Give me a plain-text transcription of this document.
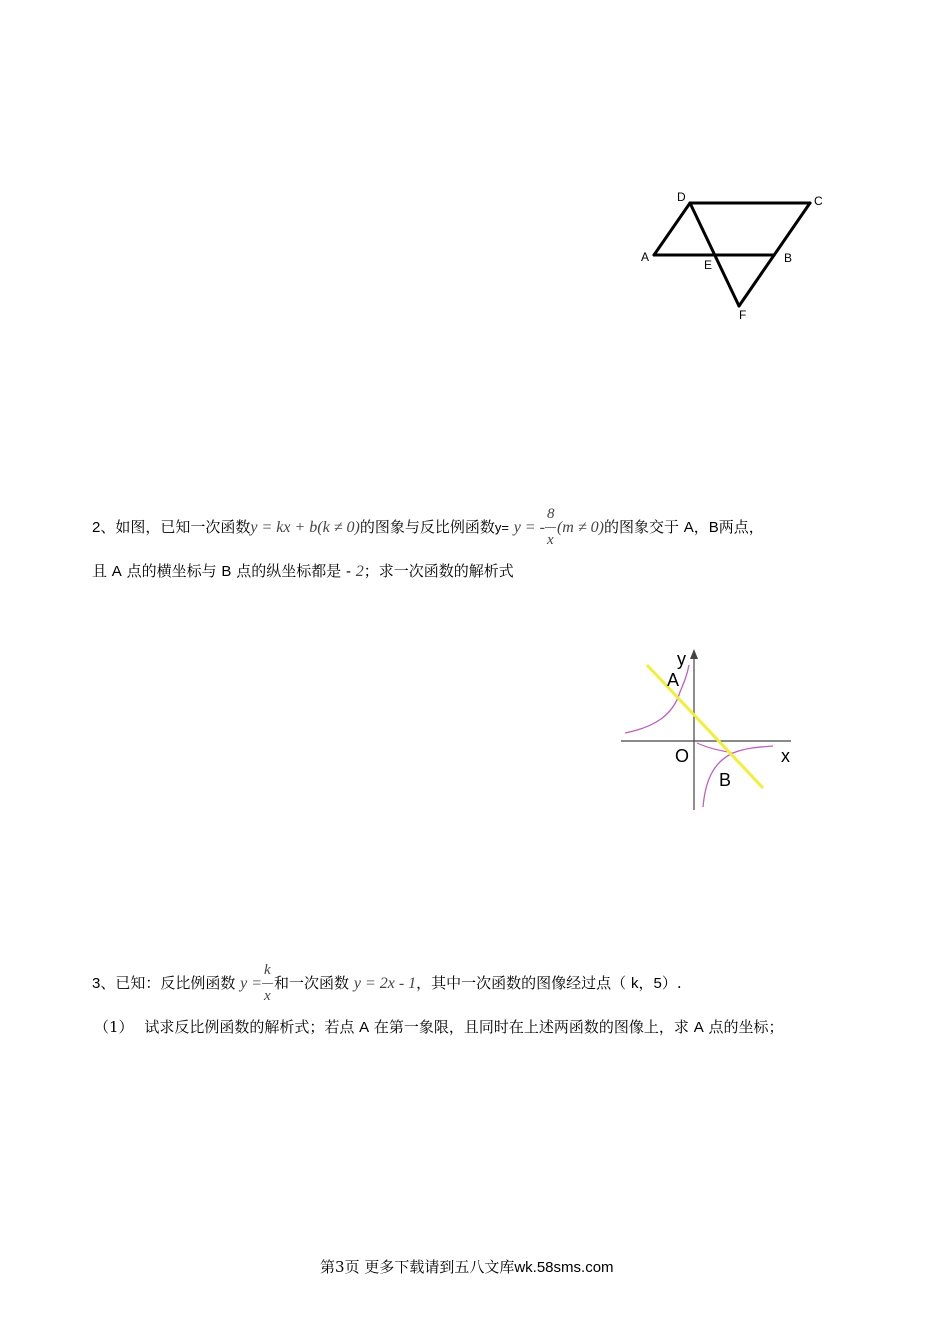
D	C
A
E	B
F
2、如图，已知一次函数y = kx + b(k ≠ 0)的图象与反比例函数y= y = - $\frac{8}{x} (m \ne 0)$的图象交于 A，B两点，
且 A 点的横坐标与 B 点的纵坐标都是 - 2；求一次函数的解析式
y
x
A
O
B
3、已知：反比例函数 $y = \frac{k}{x}$ 和一次函数 y = 2x - 1，其中一次函数的图像经过点（ k，5）.
（1） 试求反比例函数的解析式；若点 A 在第一象限，且同时在上述两函数的图像上，求 A 点的坐标；
第3页 更多下载请到五八文库wk.58sms.com
